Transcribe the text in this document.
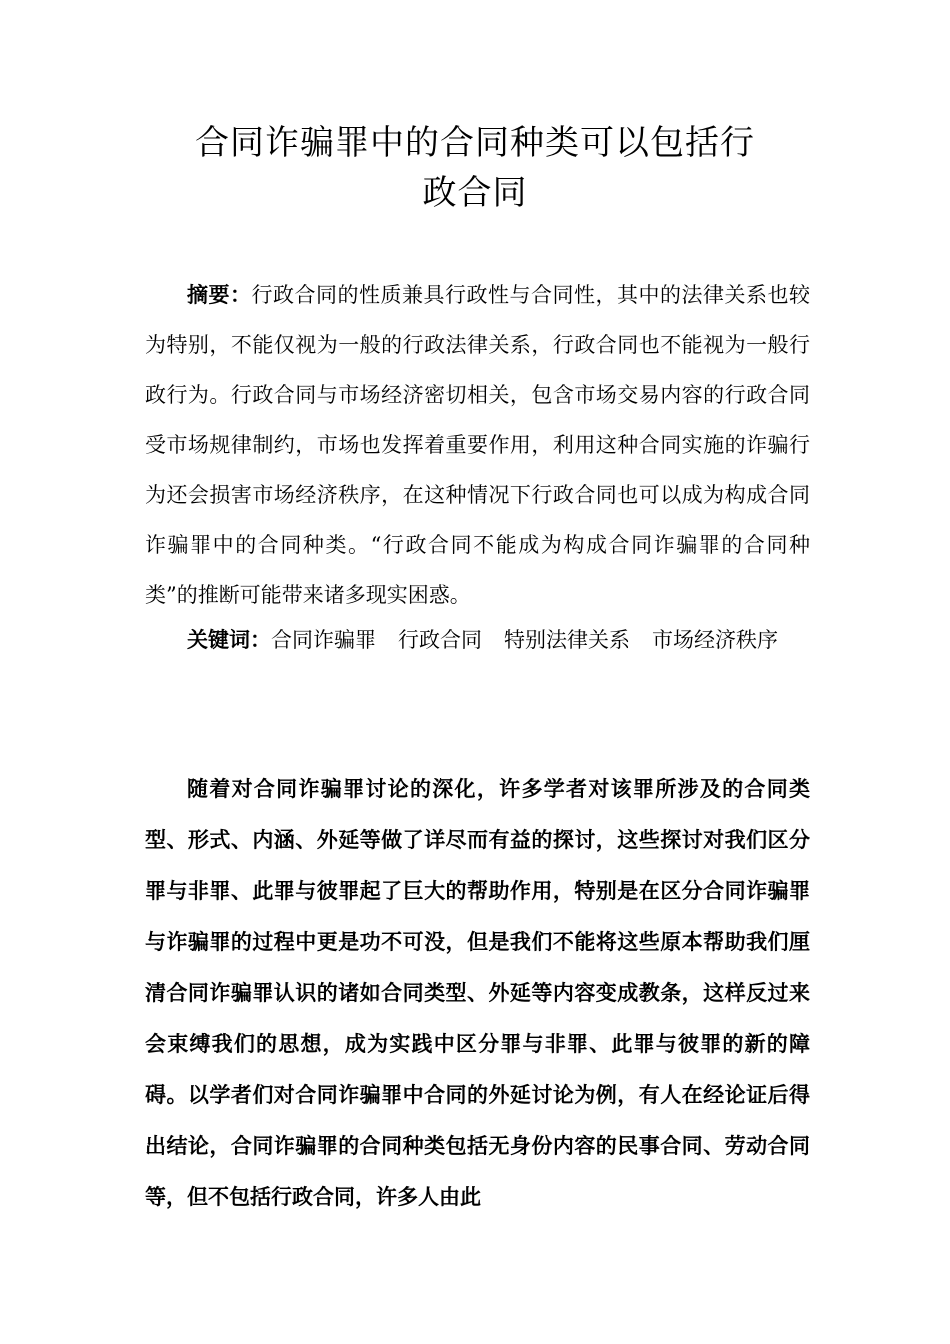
合同诈骗罪中的合同种类可以包括行
政合同

摘要：行政合同的性质兼具行政性与合同性，其中的法律关系也较为特别，不能仅视为一般的行政法律关系，行政合同也不能视为一般行政行为。行政合同与市场经济密切相关，包含市场交易内容的行政合同受市场规律制约，市场也发挥着重要作用，利用这种合同实施的诈骗行为还会损害市场经济秩序，在这种情况下行政合同也可以成为构成合同诈骗罪中的合同种类。“行政合同不能成为构成合同诈骗罪的合同种类”的推断可能带来诸多现实困惑。

关键词：合同诈骗罪 行政合同 特别法律关系 市场经济秩序

随着对合同诈骗罪讨论的深化，许多学者对该罪所涉及的合同类型、形式、内涵、外延等做了详尽而有益的探讨，这些探讨对我们区分罪与非罪、此罪与彼罪起了巨大的帮助作用，特别是在区分合同诈骗罪与诈骗罪的过程中更是功不可没，但是我们不能将这些原本帮助我们厘清合同诈骗罪认识的诸如合同类型、外延等内容变成教条，这样反过来会束缚我们的思想，成为实践中区分罪与非罪、此罪与彼罪的新的障碍。以学者们对合同诈骗罪中合同的外延讨论为例，有人在经论证后得出结论，合同诈骗罪的合同种类包括无身份内容的民事合同、劳动合同等，但不包括行政合同，许多人由此
